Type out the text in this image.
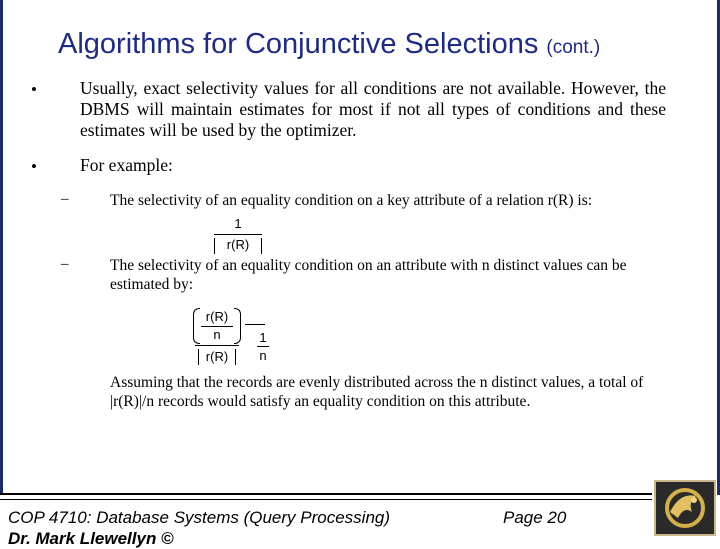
Algorithms for Conjunctive Selections (cont.)
• Usually, exact selectivity values for all conditions are not available. However, the DBMS will maintain estimates for most if not all types of conditions and these estimates will be used by the optimizer.
• For example:
–	The selectivity of an equality condition on a key attribute of a relation r(R) is:
1
r(R)
–	The selectivity of an equality condition on an attribute with n distinct values can be estimated by:
r(R)
n
r(R)
1
n
Assuming that the records are evenly distributed across the n distinct values, a total of |r(R)|/n records would satisfy an equality condition on this attribute.
COP 4710: Database Systems (Query Processing)	Page 20
Dr. Mark Llewellyn ©
